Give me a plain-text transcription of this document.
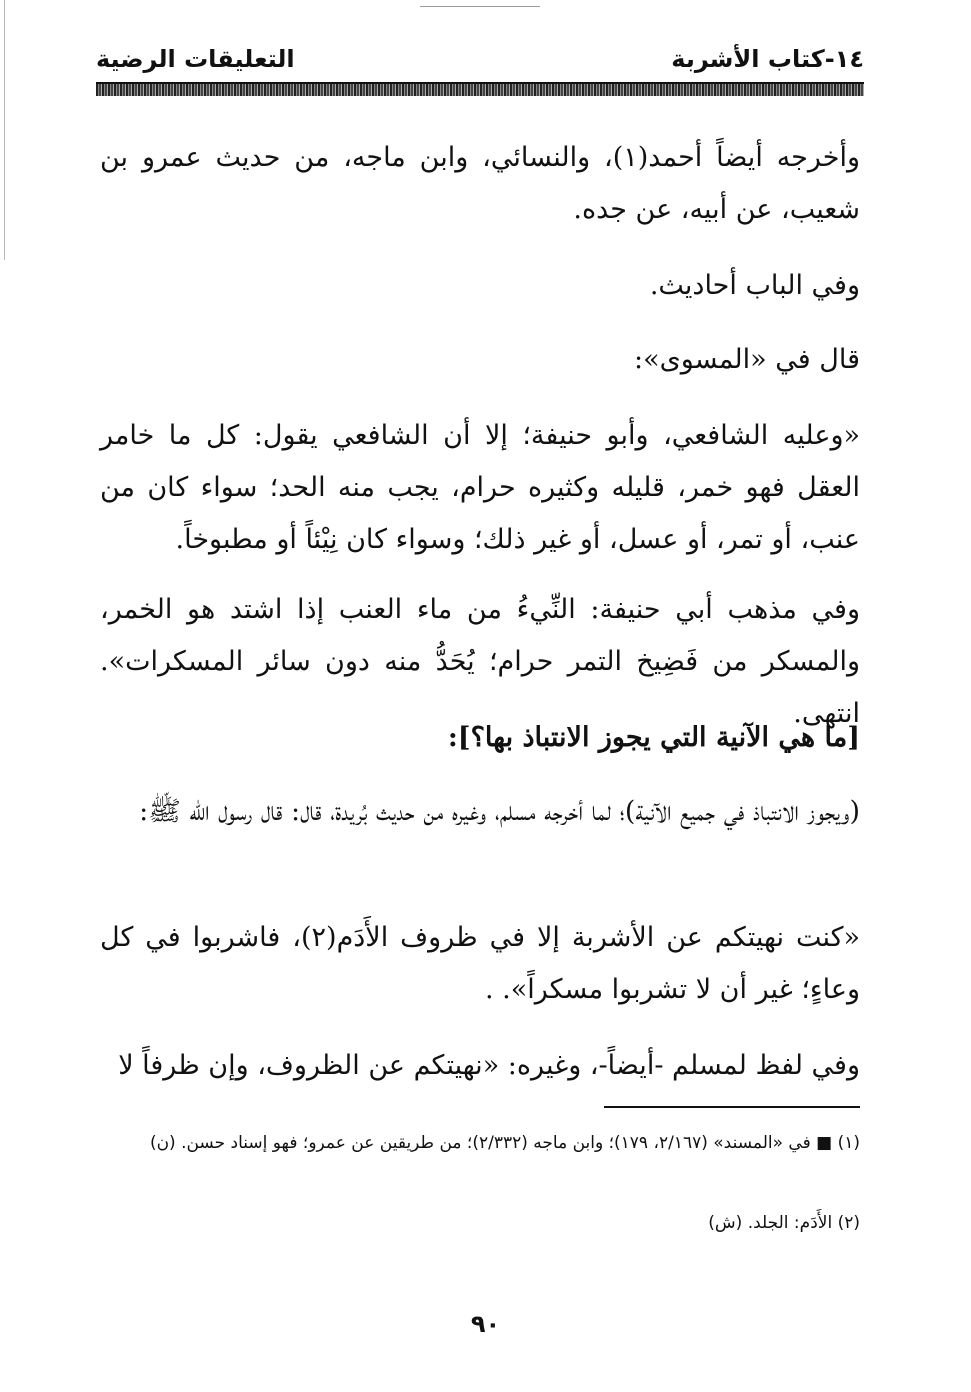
١٤-كتاب الأشربة
التعليقات الرضية
وأخرجه أيضاً أحمد(١)، والنسائي، وابن ماجه، من حديث عمرو بن شعيب، عن أبيه، عن جده.
وفي الباب أحاديث.
قال في «المسوى»:
«وعليه الشافعي، وأبو حنيفة؛ إلا أن الشافعي يقول: كل ما خامر العقل فهو خمر، قليله وكثيره حرام، يجب منه الحد؛ سواء كان من عنب، أو تمر، أو عسل، أو غير ذلك؛ وسواء كان نِيْئاً أو مطبوخاً.
وفي مذهب أبي حنيفة: النِّيءُ من ماء العنب إذا اشتد هو الخمر، والمسكر من فَضِيخ التمر حرام؛ يُحَدُّ منه دون سائر المسكرات». انتهى.
[ما هي الآنية التي يجوز الانتباذ بها؟]:
(ويجوز الانتباذ في جميع الآنية)؛ لما أخرجه مسلم، وغيره من حديث بُريدة، قال: قال رسول الله ﷺ:
«كنت نهيتكم عن الأشربة إلا في ظروف الأَدَم(٢)، فاشربوا في كل وعاءٍ؛ غير أن لا تشربوا مسكراً». .
وفي لفظ لمسلم -أيضاً-، وغيره: «نهيتكم عن الظروف، وإن ظرفاً لا
(١) ■ في «المسند» (٢/١٦٧، ١٧٩)؛ وابن ماجه (٢/٣٣٢)؛ من طريقين عن عمرو؛ فهو إسناد حسن. (ن)
(٢) الأَدَم: الجلد. (ش)
٩٠
